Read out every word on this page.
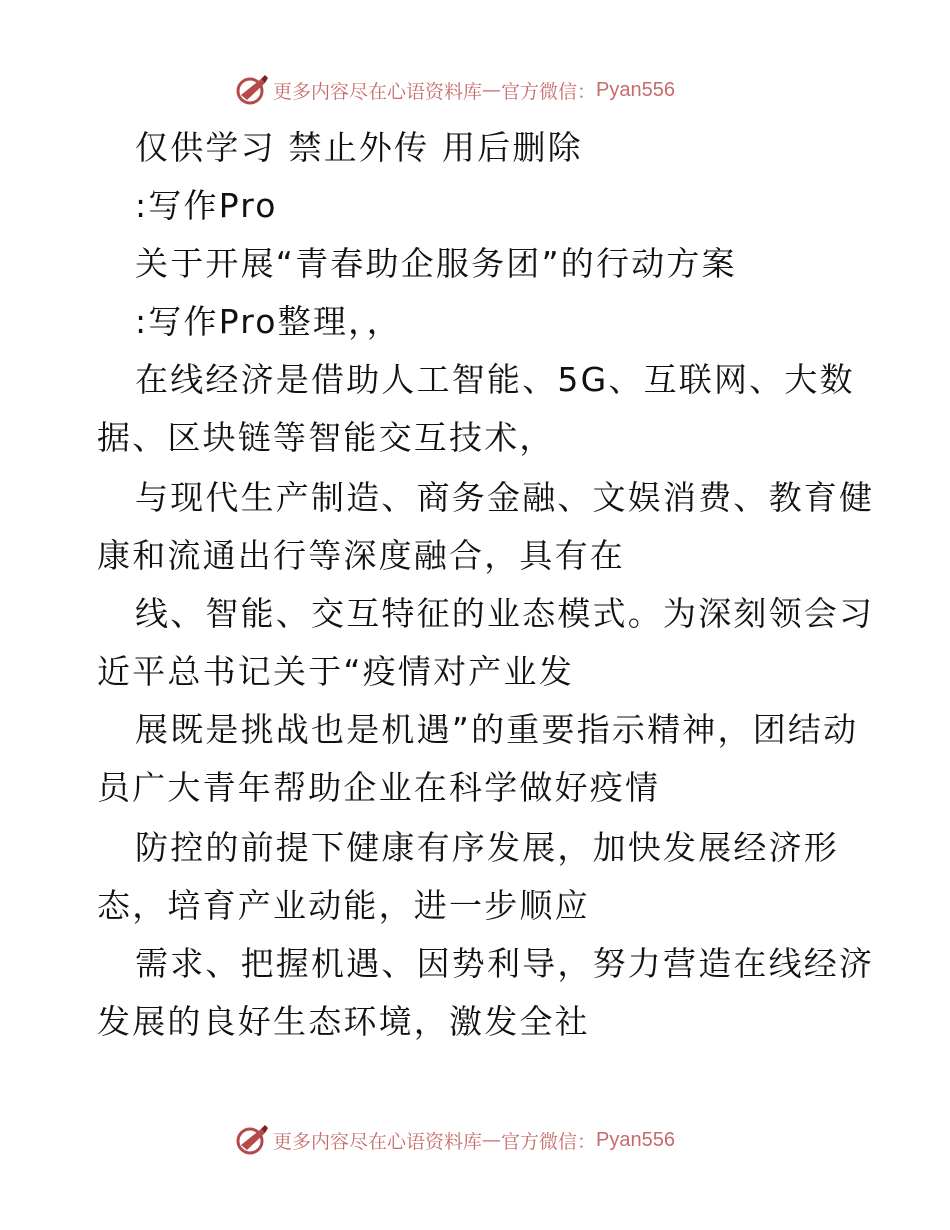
更多内容尽在心语资料库 — 官方微信： Pyan556
仅供学习 禁止外传 用后删除
:写作Pro
关于开展“青春助企服务团”的行动方案
:写作Pro整理，，
在线经济是借助人工智能、5G、互联网、大数
据、区块链等智能交互技术，
与现代生产制造、商务金融、文娱消费、教育健
康和流通出行等深度融合，具有在
线、智能、交互特征的业态模式。为深刻领会习
近平总书记关于“疫情对产业发
展既是挑战也是机遇”的重要指示精神，团结动
员广大青年帮助企业在科学做好疫情
防控的前提下健康有序发展，加快发展经济形
态，培育产业动能，进一步顺应
需求、把握机遇、因势利导，努力营造在线经济
发展的良好生态环境，激发全社
更多内容尽在心语资料库 — 官方微信： Pyan556
